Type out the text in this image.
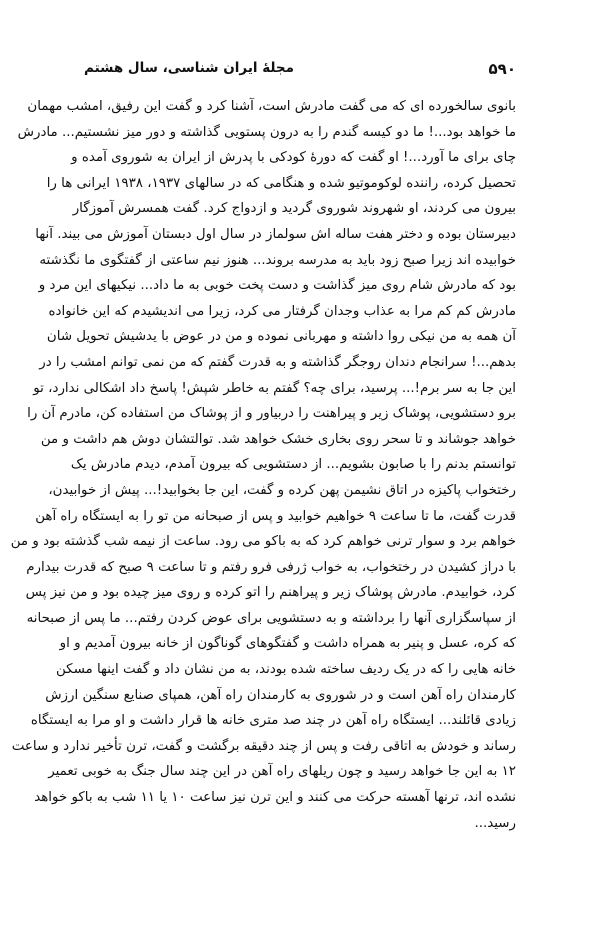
۵۹۰
مجلهٔ ایران شناسی، سال هشتم
بانوی سالخورده ای که می گفت مادرش است، آشنا کرد و گفت این رفیق، امشب مهمان
ما خواهد بود...! ما دو کیسه گندم را به درون پستویی گذاشته و دور میز نشستیم... مادرش
چای برای ما آورد...! او گفت که دورهٔ کودکی با پدرش از ایران به شوروی آمده و
تحصیل کرده، راننده لوکوموتیو شده و هنگامی که در سالهای ۱۹۳۷، ۱۹۳۸ ایرانی ها را
بیرون می کردند، او شهروند شوروی گردید و ازدواج کرد. گفت همسرش آموزگار
دبیرستان بوده و دختر هفت ساله اش سولماز در سال اول دبستان آموزش می بیند. آنها
خوابیده اند زیرا صبح زود باید به مدرسه بروند... هنوز نیم ساعتی از گفتگوی ما نگذشته
بود که مادرش شام روی میز گذاشت و دست پخت خوبی به ما داد... نیکیهای این مرد و
مادرش کم کم مرا به عذاب وجدان گرفتار می کرد، زیرا می اندیشیدم که این خانواده
آن همه به من نیکی روا داشته و مهربانی نموده و من در عوض با یدشیش تحویل شان
بدهم...! سرانجام دندان روجگر گذاشته و به قدرت گفتم که من نمی توانم امشب را در
این جا به سر برم!... پرسید، برای چه؟ گفتم به خاطر شپش! پاسخ داد اشکالی ندارد، تو
برو دستشویی، پوشاک زیر و پیراهنت را دربیاور و از پوشاک من استفاده کن، مادرم آن را
خواهد جوشاند و تا سحر روی بخاری خشک خواهد شد. توالتشان دوش هم داشت و من
توانستم بدنم را با صابون بشویم... از دستشویی که بیرون آمدم، دیدم مادرش یک
رختخواب پاکیزه در اتاق نشیمن پهن کرده و گفت، این جا بخوابید!... پیش از خوابیدن،
قدرت گفت، ما تا ساعت ۹ خواهیم خوابید و پس از صبحانه من تو را به ایستگاه راه آهن
خواهم برد و سوار ترنی خواهم کرد که به باکو می رود. ساعت از نیمه شب گذشته بود و من
با دراز کشیدن در رختخواب، به خواب ژرفی فرو رفتم و تا ساعت ۹ صبح که قدرت بیدارم
کرد، خوابیدم. مادرش پوشاک زیر و پیراهنم را اتو کرده و روی میز چیده بود و من نیز پس
از سپاسگزاری آنها را برداشته و به دستشویی برای عوض کردن رفتم... ما پس از صبحانه
که کره، عسل و پنیر به همراه داشت و گفتگوهای گوناگون از خانه بیرون آمدیم و او
خانه هایی را که در یک ردیف ساخته شده بودند، به من نشان داد و گفت اینها مسکن
کارمندان راه آهن است و در شوروی به کارمندان راه آهن، همپای صنایع سنگین ارزش
زیادی قائلند... ایستگاه راه آهن در چند صد متری خانه ها قرار داشت و او مرا به ایستگاه
رساند و خودش به اتاقی رفت و پس از چند دقیقه برگشت و گفت، ترن تأخیر ندارد و ساعت
۱۲ به این جا خواهد رسید و چون ریلهای راه آهن در این چند سال جنگ به خوبی تعمیر
نشده اند، ترنها آهسته حرکت می کنند و این ترن نیز ساعت ۱۰ یا ۱۱ شب به باکو خواهد
رسید...
